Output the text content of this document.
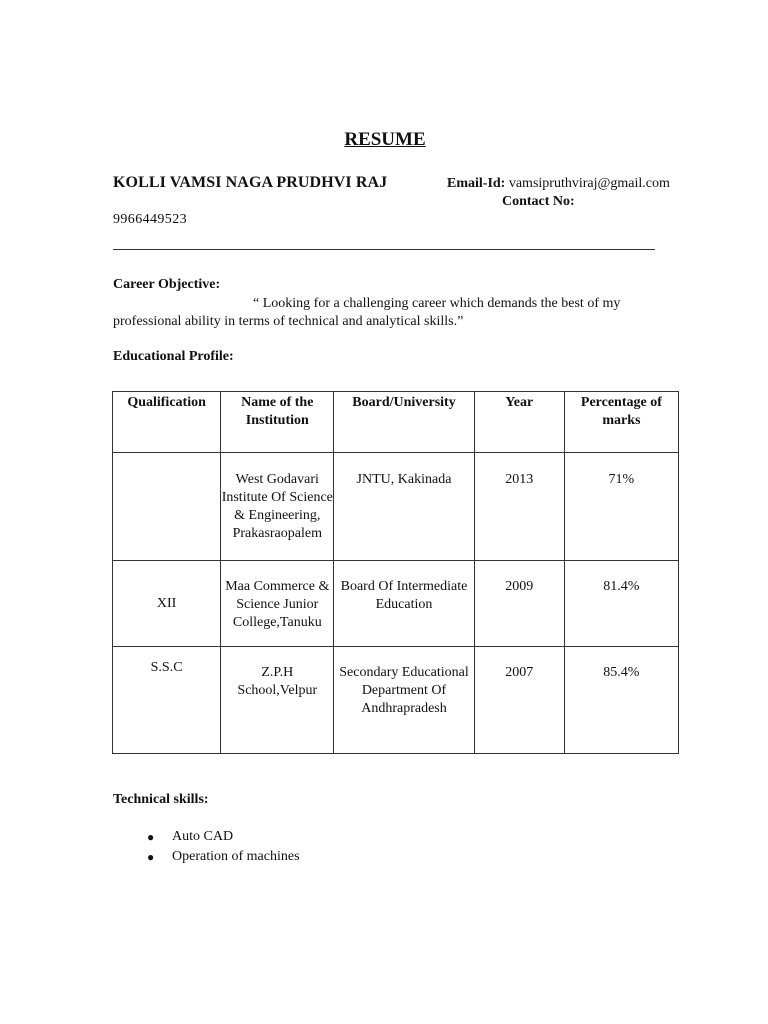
RESUME
KOLLI VAMSI NAGA PRUDHVI RAJ	Email-Id: vamsipruthviraj@gmail.com
Contact No:
9966449523
Career Objective:
“ Looking for a challenging career which demands the best of my
professional ability in terms of technical and analytical skills.”
Educational Profile:
Qualification	Name of the Institution	Board/University	Year	Percentage of marks
	West Godavari Institute Of Science & Engineering, Prakasraopalem	JNTU, Kakinada	2013	71%
XII	Maa Commerce & Science Junior College,Tanuku	Board Of Intermediate Education	2009	81.4%
S.S.C	Z.P.H School,Velpur	Secondary Educational Department Of Andhrapradesh	2007	85.4%
Technical skills:
● Auto CAD
● Operation of machines
